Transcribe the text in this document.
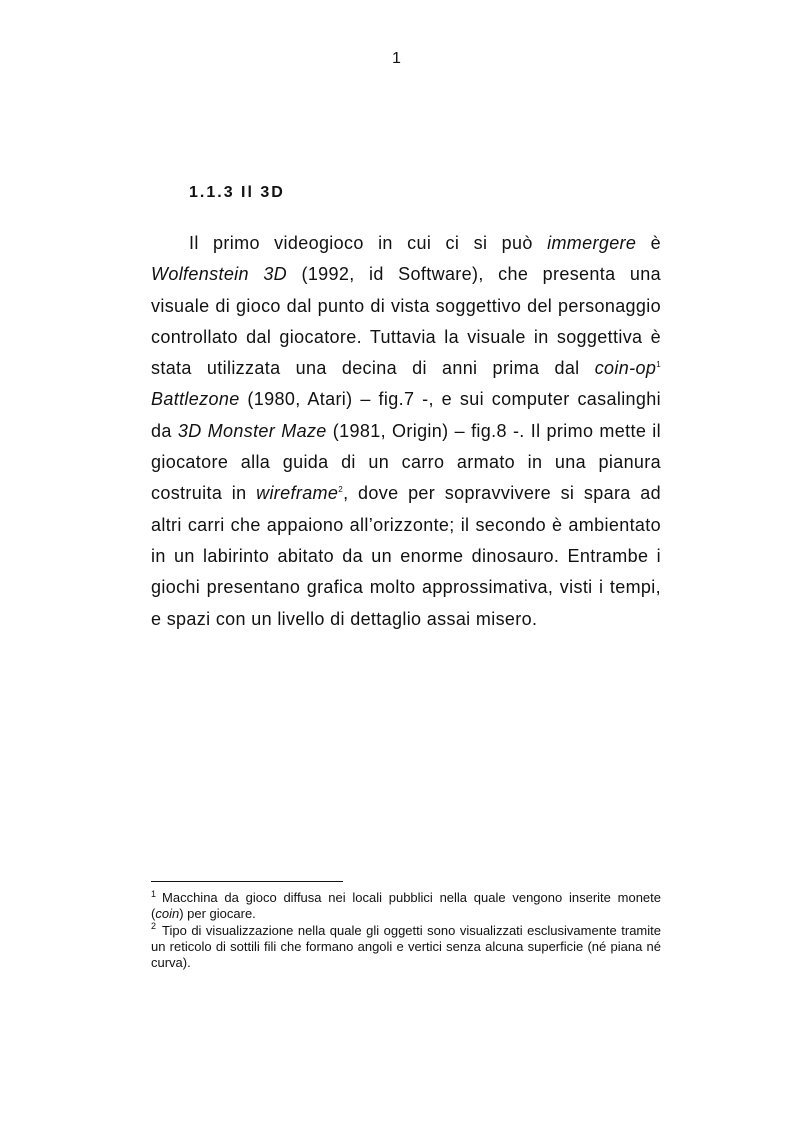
1
1.1.3 Il 3D

Il primo videogioco in cui ci si può immergere è Wolfenstein 3D (1992, id Software), che presenta una visuale di gioco dal punto di vista soggettivo del personaggio controllato dal giocatore. Tuttavia la visuale in soggettiva è stata utilizzata una decina di anni prima dal coin-op$^1$ Battlezone (1980, Atari) – fig.7 -, e sui computer casalinghi da 3D Monster Maze (1981, Origin) – fig.8 -. Il primo mette il giocatore alla guida di un carro armato in una pianura costruita in wireframe$^2$, dove per sopravvivere si spara ad altri carri che appaiono all’orizzonte; il secondo è ambientato in un labirinto abitato da un enorme dinosauro. Entrambe i giochi presentano grafica molto approssimativa, visti i tempi, e spazi con un livello di dettaglio assai misero.

$^1$ Macchina da gioco diffusa nei locali pubblici nella quale vengono inserite monete (coin) per giocare.

$^2$ Tipo di visualizzazione nella quale gli oggetti sono visualizzati esclusivamente tramite un reticolo di sottili fili che formano angoli e vertici senza alcuna superficie (né piana né curva).
